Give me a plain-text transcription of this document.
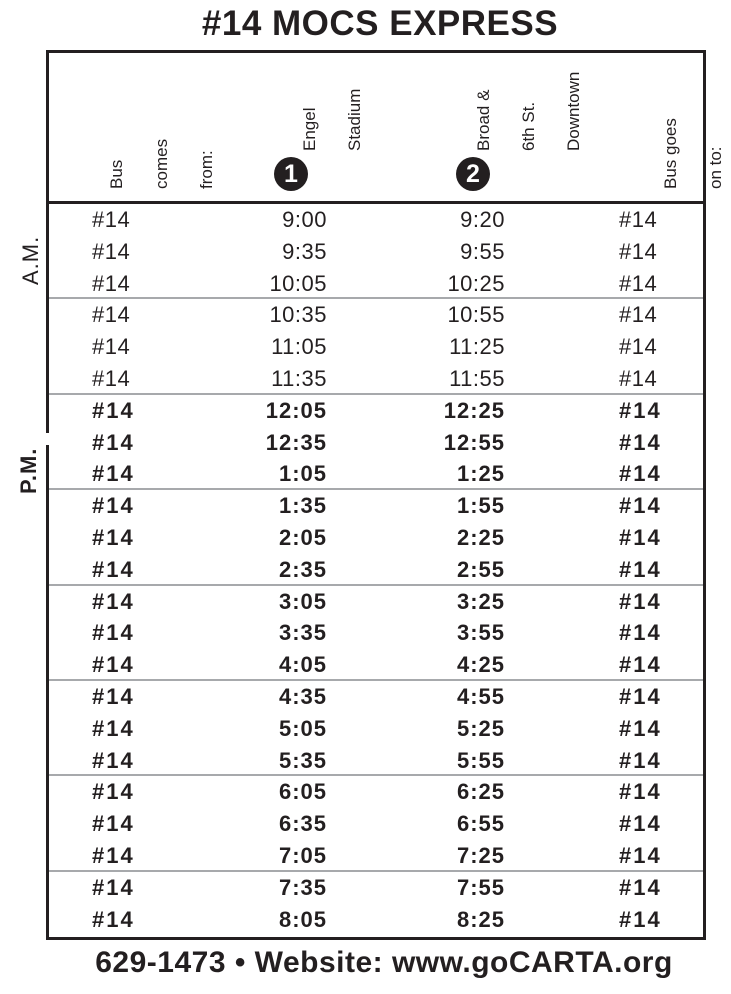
#14 MOCS EXPRESS
A.M.
P.M.

Bus

comes

from:

Engel

Stadium

1

Broad &

6th St.

Downtown

2

	Bus goes

on to:

#14	9:00	9:20	#14
#14	9:35	9:55	#14
#14	10:05	10:25	#14
#14	10:35	10:55	#14
#14	11:05	11:25	#14
#14	11:35	11:55	#14
#14	12:05	12:25	#14
#14	12:35	12:55	#14
#14	1:05	1:25	#14
#14	1:35	1:55	#14
#14	2:05	2:25	#14
#14	2:35	2:55	#14
#14	3:05	3:25	#14
#14	3:35	3:55	#14
#14	4:05	4:25	#14
#14	4:35	4:55	#14
#14	5:05	5:25	#14
#14	5:35	5:55	#14
#14	6:05	6:25	#14
#14	6:35	6:55	#14
#14	7:05	7:25	#14
#14	7:35	7:55	#14
#14	8:05	8:25	#14
629-1473 • Website: www.goCARTA.org
